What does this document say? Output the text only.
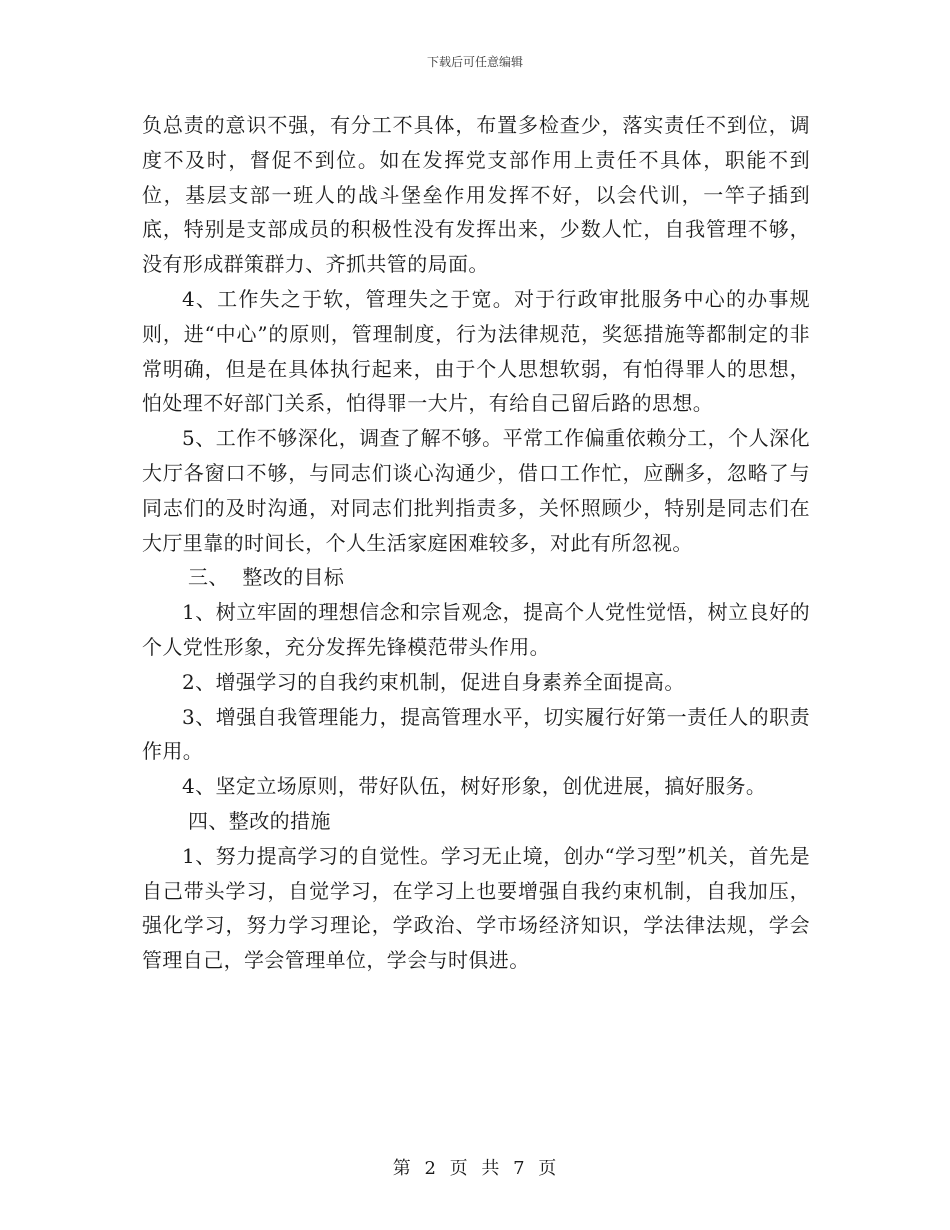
下载后可任意编辑

负总责的意识不强，有分工不具体，布置多检查少，落实责任不到位，调度不及时，督促不到位。如在发挥党支部作用上责任不具体，职能不到位，基层支部一班人的战斗堡垒作用发挥不好，以会代训，一竿子插到底，特别是支部成员的积极性没有发挥出来，少数人忙，自我管理不够，没有形成群策群力、齐抓共管的局面。

4、工作失之于软，管理失之于宽。对于行政审批服务中心的办事规则，进“中心”的原则，管理制度，行为法律规范，奖惩措施等都制定的非常明确，但是在具体执行起来，由于个人思想软弱，有怕得罪人的思想，怕处理不好部门关系，怕得罪一大片，有给自己留后路的思想。

5、工作不够深化，调查了解不够。平常工作偏重依赖分工，个人深化大厅各窗口不够，与同志们谈心沟通少，借口工作忙，应酬多，忽略了与同志们的及时沟通，对同志们批判指责多，关怀照顾少，特别是同志们在大厅里靠的时间长，个人生活家庭困难较多，对此有所忽视。

三、  整改的目标

1、树立牢固的理想信念和宗旨观念，提高个人党性觉悟，树立良好的个人党性形象，充分发挥先锋模范带头作用。

2、增强学习的自我约束机制，促进自身素养全面提高。

3、增强自我管理能力，提高管理水平，切实履行好第一责任人的职责作用。

4、坚定立场原则，带好队伍，树好形象，创优进展，搞好服务。

四、整改的措施

1、努力提高学习的自觉性。学习无止境，创办“学习型”机关，首先是自己带头学习，自觉学习，在学习上也要增强自我约束机制，自我加压，强化学习，努力学习理论，学政治、学市场经济知识，学法律法规，学会管理自己，学会管理单位，学会与时俱进。

第 2 页 共 7 页
